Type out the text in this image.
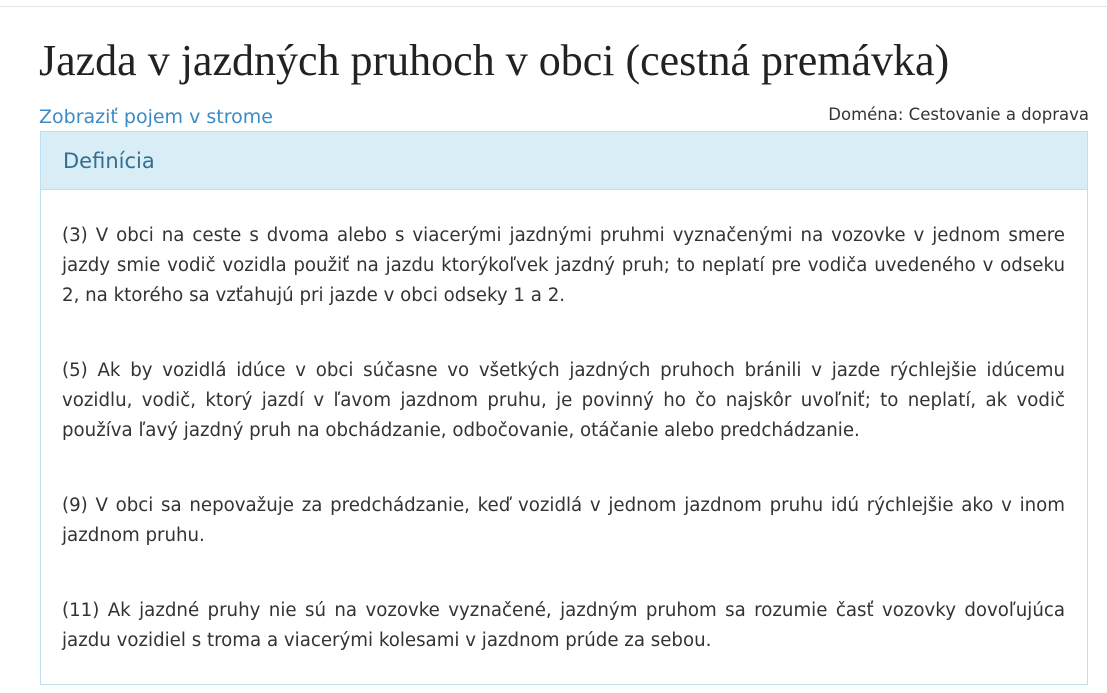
Jazda v jazdných pruhoch v obci (cestná premávka)
Zobraziť pojem v strome	Doména: Cestovanie a doprava
Definícia

(3) V obci na ceste s dvoma alebo s viacerými jazdnými pruhmi vyznačenými na vozovke v jednom smere jazdy smie vodič vozidla použiť na jazdu ktorýkoľvek jazdný pruh; to neplatí pre vodiča uvedeného v odseku 2, na ktorého sa vzťahujú pri jazde v obci odseky 1 a 2.

(5) Ak by vozidlá idúce v obci súčasne vo všetkých jazdných pruhoch bránili v jazde rýchlejšie idúcemu vozidlu, vodič, ktorý jazdí v ľavom jazdnom pruhu, je povinný ho čo najskôr uvoľniť; to neplatí, ak vodič používa ľavý jazdný pruh na obchádzanie, odbočovanie, otáčanie alebo predchádzanie.

(9) V obci sa nepovažuje za predchádzanie, keď vozidlá v jednom jazdnom pruhu idú rýchlejšie ako v inom jazdnom pruhu.

(11) Ak jazdné pruhy nie sú na vozovke vyznačené, jazdným pruhom sa rozumie časť vozovky dovoľujúca jazdu vozidiel s troma a viacerými kolesami v jazdnom prúde za sebou.
